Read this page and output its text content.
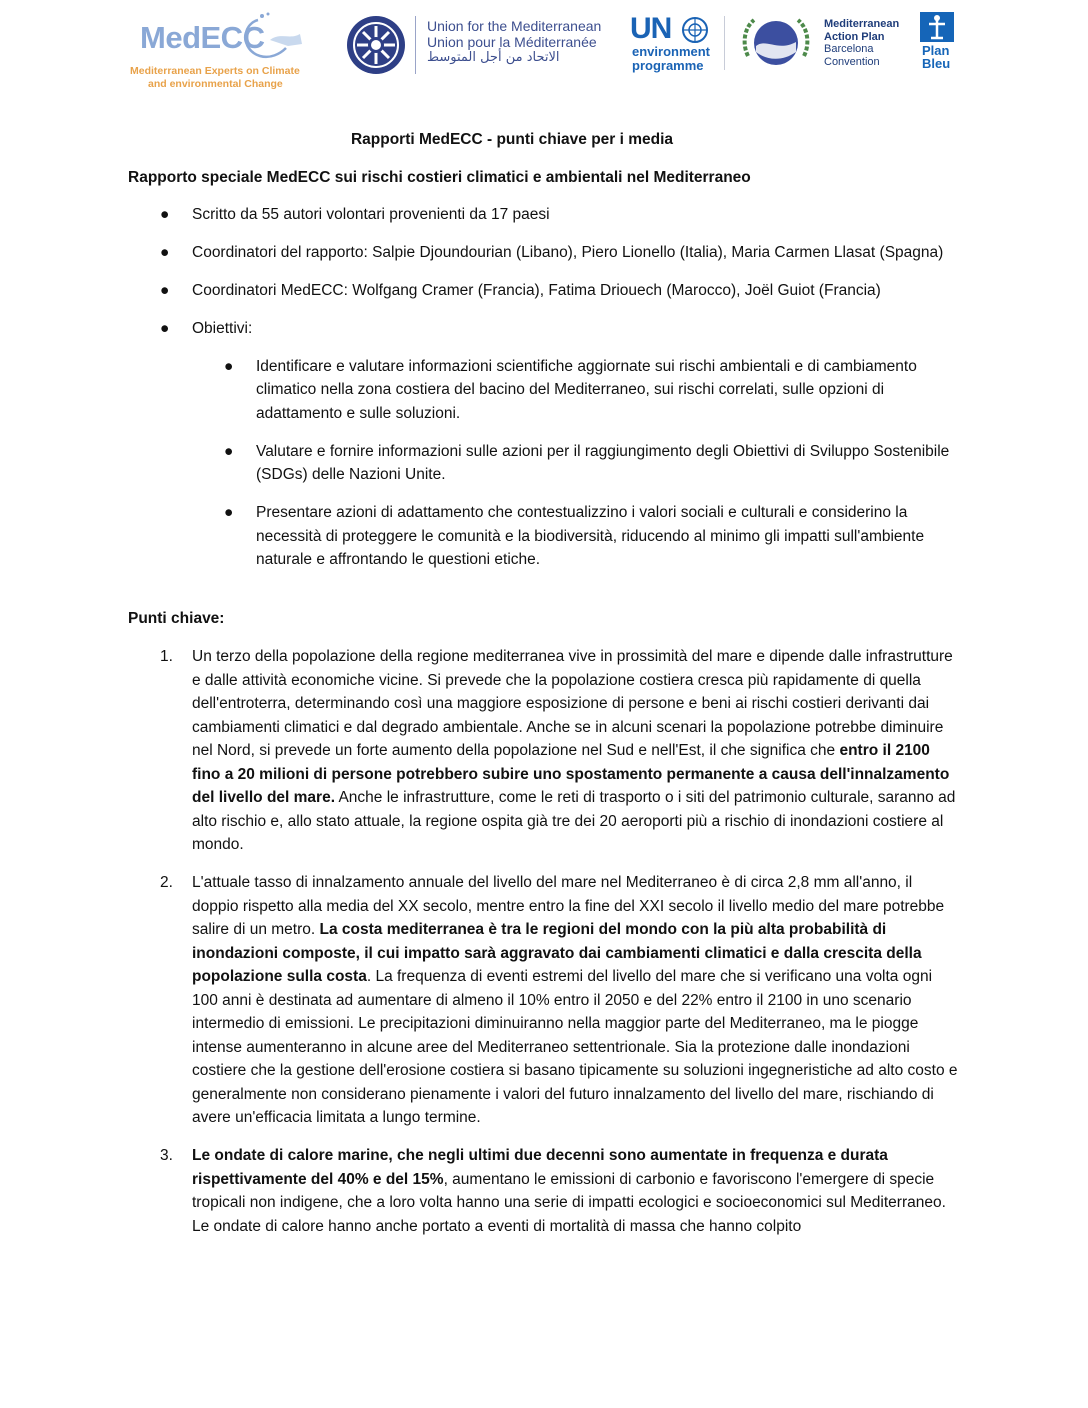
MedECC
Mediterranean Experts on Climate
and environmental Change
Union for the Mediterranean
Union pour la Méditerranée
الاتحاد من أجل المتوسط
UN
environment
programme
Mediterranean
Action Plan
Barcelona
Convention
Plan
Bleu
Rapporti MedECC - punti chiave per i media
Rapporto speciale MedECC sui rischi costieri climatici e ambientali nel Mediterraneo
● Scritto da 55 autori volontari provenienti da 17 paesi
● Coordinatori del rapporto: Salpie Djoundourian (Libano), Piero Lionello (Italia), Maria Carmen Llasat (Spagna)
● Coordinatori MedECC: Wolfgang Cramer (Francia), Fatima Driouech (Marocco), Joël Guiot (Francia)
● Obiettivi:
● Identificare e valutare informazioni scientifiche aggiornate sui rischi ambientali e di cambiamento climatico nella zona costiera del bacino del Mediterraneo, sui rischi correlati, sulle opzioni di adattamento e sulle soluzioni.
● Valutare e fornire informazioni sulle azioni per il raggiungimento degli Obiettivi di Sviluppo Sostenibile (SDGs) delle Nazioni Unite.
● Presentare azioni di adattamento che contestualizzino i valori sociali e culturali e considerino la necessità di proteggere le comunità e la biodiversità, riducendo al minimo gli impatti sull'ambiente naturale e affrontando le questioni etiche.
Punti chiave:
1. Un terzo della popolazione della regione mediterranea vive in prossimità del mare e dipende dalle infrastrutture e dalle attività economiche vicine. Si prevede che la popolazione costiera cresca più rapidamente di quella dell'entroterra, determinando così una maggiore esposizione di persone e beni ai rischi costieri derivanti dai cambiamenti climatici e dal degrado ambientale. Anche se in alcuni scenari la popolazione potrebbe diminuire nel Nord, si prevede un forte aumento della popolazione nel Sud e nell'Est, il che significa che entro il 2100 fino a 20 milioni di persone potrebbero subire uno spostamento permanente a causa dell'innalzamento del livello del mare. Anche le infrastrutture, come le reti di trasporto o i siti del patrimonio culturale, saranno ad alto rischio e, allo stato attuale, la regione ospita già tre dei 20 aeroporti più a rischio di inondazioni costiere al mondo.
2. L'attuale tasso di innalzamento annuale del livello del mare nel Mediterraneo è di circa 2,8 mm all'anno, il doppio rispetto alla media del XX secolo, mentre entro la fine del XXI secolo il livello medio del mare potrebbe salire di un metro. La costa mediterranea è tra le regioni del mondo con la più alta probabilità di inondazioni composte, il cui impatto sarà aggravato dai cambiamenti climatici e dalla crescita della popolazione sulla costa. La frequenza di eventi estremi del livello del mare che si verificano una volta ogni 100 anni è destinata ad aumentare di almeno il 10% entro il 2050 e del 22% entro il 2100 in uno scenario intermedio di emissioni. Le precipitazioni diminuiranno nella maggior parte del Mediterraneo, ma le piogge intense aumenteranno in alcune aree del Mediterraneo settentrionale. Sia la protezione dalle inondazioni costiere che la gestione dell'erosione costiera si basano tipicamente su soluzioni ingegneristiche ad alto costo e generalmente non considerano pienamente i valori del futuro innalzamento del livello del mare, rischiando di avere un'efficacia limitata a lungo termine.
3. Le ondate di calore marine, che negli ultimi due decenni sono aumentate in frequenza e durata rispettivamente del 40% e del 15%, aumentano le emissioni di carbonio e favoriscono l'emergere di specie tropicali non indigene, che a loro volta hanno una serie di impatti ecologici e socioeconomici sul Mediterraneo. Le ondate di calore hanno anche portato a eventi di mortalità di massa che hanno colpito
